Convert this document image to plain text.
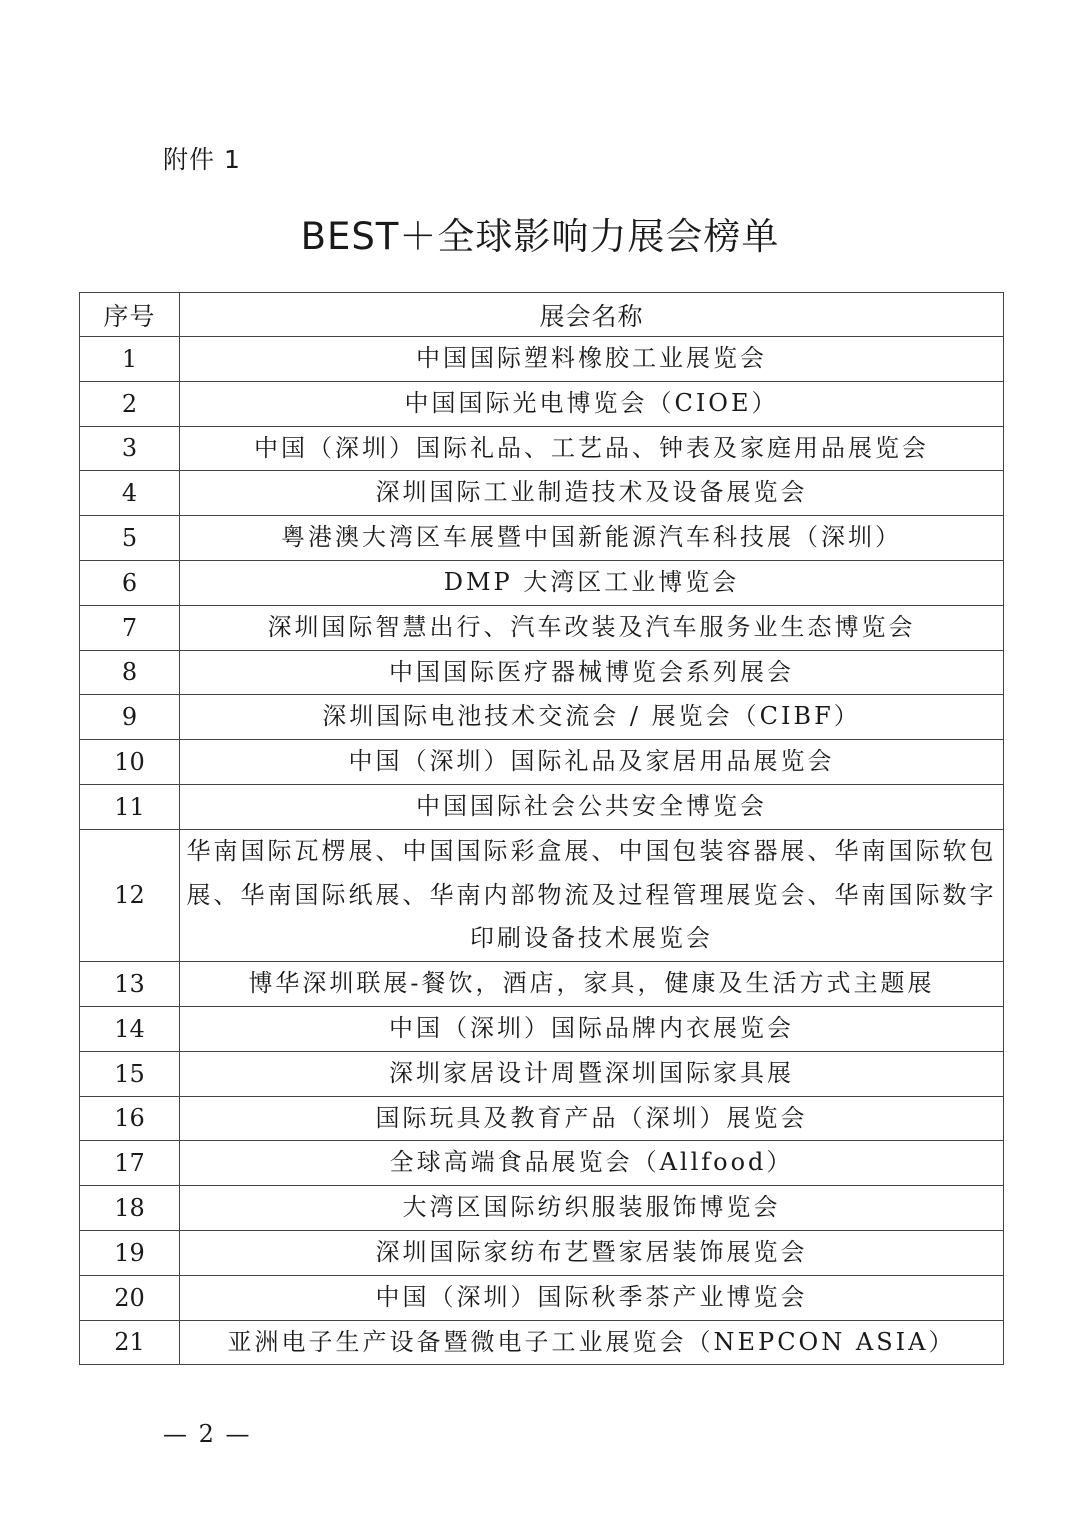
附件 1
BEST＋全球影响力展会榜单
序号	展会名称
1	中国国际塑料橡胶工业展览会
2	中国国际光电博览会（CIOE）
3	中国（深圳）国际礼品、工艺品、钟表及家庭用品展览会
4	深圳国际工业制造技术及设备展览会
5	粤港澳大湾区车展暨中国新能源汽车科技展（深圳）
6	DMP 大湾区工业博览会
7	深圳国际智慧出行、汽车改装及汽车服务业生态博览会
8	中国国际医疗器械博览会系列展会
9	深圳国际电池技术交流会 / 展览会（CIBF）
10	中国（深圳）国际礼品及家居用品展览会
11	中国国际社会公共安全博览会
12	华南国际瓦楞展、中国国际彩盒展、中国包装容器展、华南国际软包展、华南国际纸展、华南内部物流及过程管理展览会、华南国际数字印刷设备技术展览会
13	博华深圳联展-餐饮，酒店，家具，健康及生活方式主题展
14	中国（深圳）国际品牌内衣展览会
15	深圳家居设计周暨深圳国际家具展
16	国际玩具及教育产品（深圳）展览会
17	全球高端食品展览会（Allfood）
18	大湾区国际纺织服装服饰博览会
19	深圳国际家纺布艺暨家居装饰展览会
20	中国（深圳）国际秋季茶产业博览会
21	亚洲电子生产设备暨微电子工业展览会（NEPCON ASIA）
— 2 —
